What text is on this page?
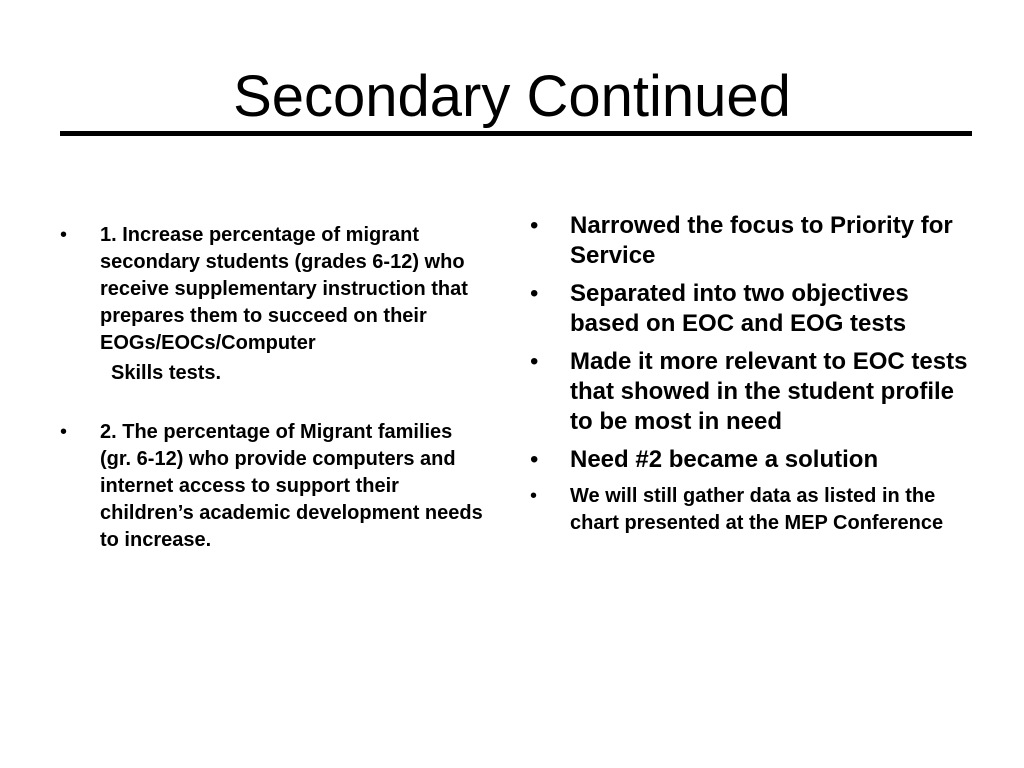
Secondary Continued
• 1. Increase percentage of migrant secondary students (grades 6-12) who receive supplementary instruction that prepares them to succeed on their EOGs/EOCs/Computer
Skills tests.
• 2. The percentage of Migrant families (gr. 6-12) who provide computers and internet access to support their children’s academic development needs to increase.
• Narrowed the focus to Priority for Service
• Separated into two objectives based on EOC and EOG tests
• Made it more relevant to EOC tests that showed in the student profile to be most in need
• Need #2 became a solution
• We will still gather data as listed in the chart presented at the MEP Conference
